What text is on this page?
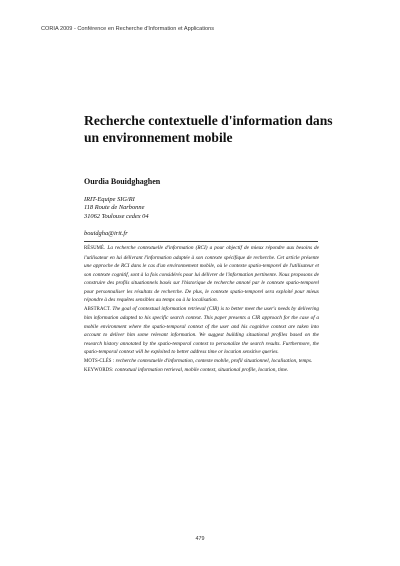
CORIA 2009 - Conférence en Recherche d'Information et Applications
Recherche contextuelle d'information dans
un environnement mobile
Ourdia Bouidghaghen
IRIT-Equipe SIG/RI
118 Route de Narbonne
31062 Toulouse cedex 04
bouidgha@irit.fr

RÉSUMÉ. La recherche contextuelle d'information (RCI) a pour objectif de mieux répondre aux besoins de l'utilisateur en lui délivrant l'information adaptée à son contexte spécifique de recherche. Cet article présente une approche de RCI dans le cas d'un environnement mobile, où le contexte spatio-temporel de l'utilisateur et son contexte cognitif, sont à la fois considérés pour lui délivrer de l'information pertinente. Nous proposons de construire des profils situationnels basés sur l'historique de recherche annoté par le contexte spatio-temporel pour personnaliser les résultats de recherche. De plus, le contexte spatio-temporel sera exploité pour mieux répondre à des requêtes sensibles au temps ou à la localisation.

ABSTRACT. The goal of contextual information retrieval (CIR) is to better meet the user's needs by delivering him information adapted to his specific search context. This paper presents a CIR approach for the case of a mobile environment where the spatio-temporal context of the user and his cognitive context are taken into account to deliver him some relevant information. We suggest building situational profiles based on the research history annotated by the spatio-temporal context to personalize the search results. Furthermore, the spatio-temporal context will be exploited to better address time or location sensitive queries.

MOTS-CLÉS : recherche contextuelle d'information, contexte mobile, profil situationnel, localisation, temps.

KEYWORDS: contextual information retrieval, mobile context, situational profile, location, time.

479
